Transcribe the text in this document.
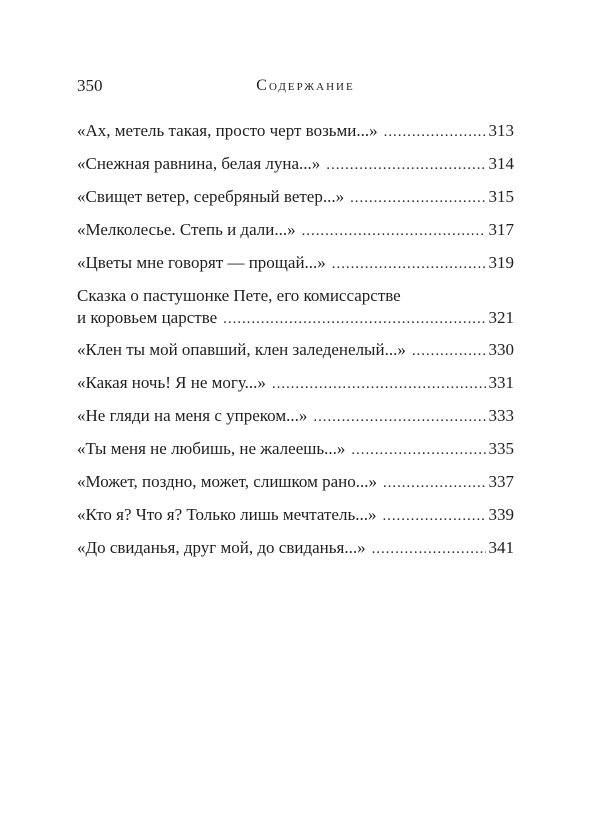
350	Содержание
«Ах, метель такая, просто черт возьми...» . . .	313
«Снежная равнина, белая луна...» . . .	314
«Свищет ветер, серебряный ветер...» . . .	315
«Мелколесье. Степь и дали...» . . .	317
«Цветы мне говорят — прощай...» . . .	319
Сказка о пастушонке Пете, его комиссарстве
и коровьем царстве . . .	321
«Клен ты мой опавший, клен заледенелый...» . . .	330
«Какая ночь! Я не могу...» . . .	331
«Не гляди на меня с упреком...» . . .	333
«Ты меня не любишь, не жалеешь...» . . .	335
«Может, поздно, может, слишком рано...» . . .	337
«Кто я? Что я? Только лишь мечтатель...» . . .	339
«До свиданья, друг мой, до свиданья...» . . .	341
